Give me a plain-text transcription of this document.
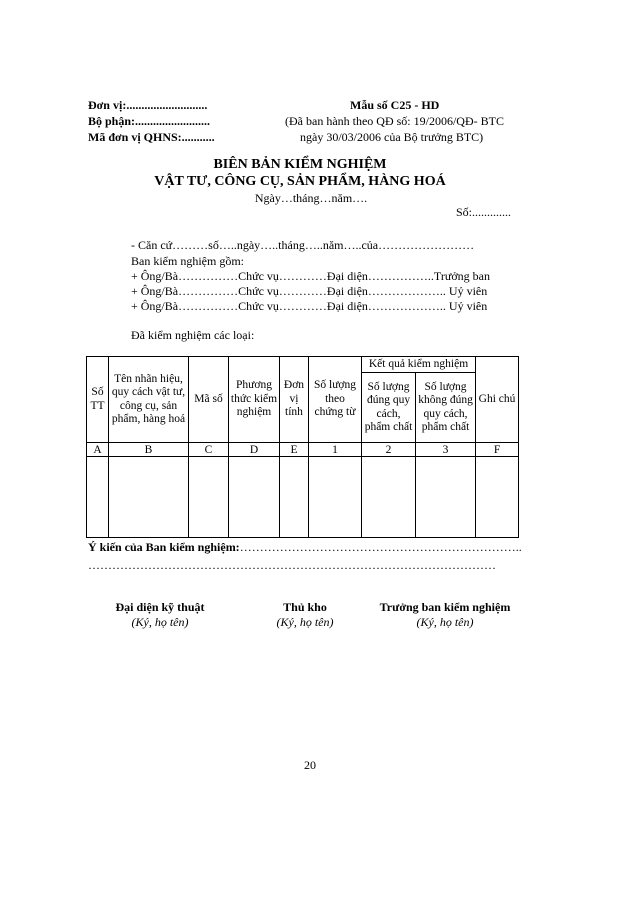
Đơn vị:...........................
Bộ phận:.........................
Mã đơn vị QHNS:...........
Mẫu số C25 - HD
(Đã ban hành theo QĐ số: 19/2006/QĐ- BTC
ngày 30/03/2006 của Bộ trưởng BTC)
BIÊN BẢN KIỂM NGHIỆM
VẬT TƯ, CÔNG CỤ, SẢN PHẨM, HÀNG HOÁ
Ngày…tháng…năm….
Số:.............
- Căn cứ………số…..ngày…..tháng…..năm…..của……………………
Ban kiểm nghiệm gồm:
+ Ông/Bà……………Chức vụ…………Đại diện……………..Trưởng ban
+ Ông/Bà……………Chức vụ…………Đại diện……………….. Uỷ viên
+ Ông/Bà……………Chức vụ…………Đại diện……………….. Uỷ viên
Đã kiểm nghiệm các loại:
Số TT	Tên nhãn hiệu, quy cách vật tư, công cụ, sản phẩm, hàng hoá	Mã số	Phương thức kiểm nghiệm	Đơn vị tính	Số lượng theo chứng từ	Kết quả kiểm nghiệm		Ghi chú
						Số lượng đúng quy cách, phẩm chất	Số lượng không đúng quy cách, phẩm chất	
A	B	C	D	E	1	2	3	F

Ý kiến của Ban kiểm nghiệm:……………………………………………………………..
…………………………………………………………………………………………
Đại diện kỹ thuật
(Ký, họ tên)
Thủ kho
(Ký, họ tên)
Trưởng ban kiểm nghiệm
(Ký, họ tên)
20
